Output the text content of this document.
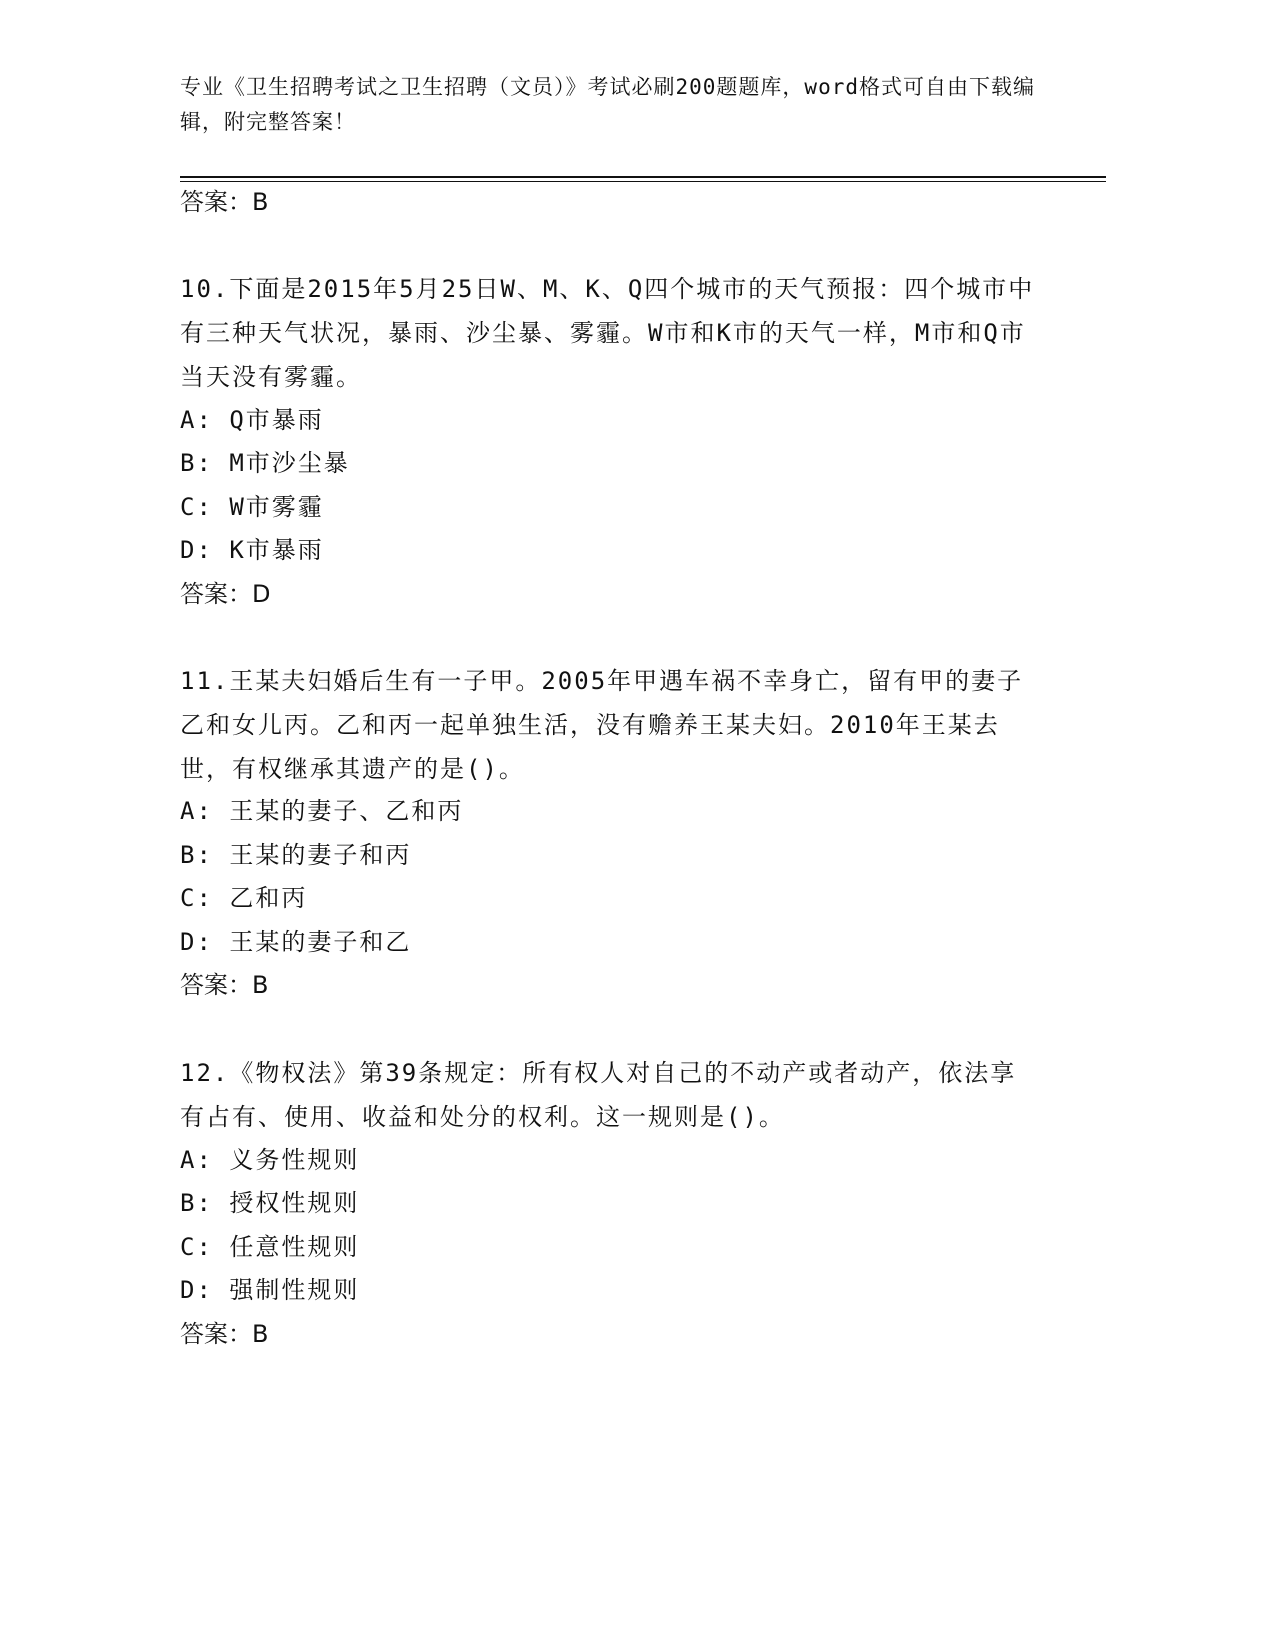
专业《卫生招聘考试之卫生招聘（文员）》考试必刷200题题库，word格式可自由下载编辑，附完整答案！
答案：B
10.下面是2015年5月25日W、M、K、Q四个城市的天气预报：四个城市中有三种天气状况，暴雨、沙尘暴、雾霾。W市和K市的天气一样，M市和Q市当天没有雾霾。
A: Q市暴雨
B: M市沙尘暴
C: W市雾霾
D: K市暴雨
答案：D
11.王某夫妇婚后生有一子甲。2005年甲遇车祸不幸身亡，留有甲的妻子乙和女儿丙。乙和丙一起单独生活，没有赡养王某夫妇。2010年王某去世，有权继承其遗产的是()。
A: 王某的妻子、乙和丙
B: 王某的妻子和丙
C: 乙和丙
D: 王某的妻子和乙
答案：B
12.《物权法》第39条规定：所有权人对自己的不动产或者动产，依法享有占有、使用、收益和处分的权利。这一规则是()。
A: 义务性规则
B: 授权性规则
C: 任意性规则
D: 强制性规则
答案：B
